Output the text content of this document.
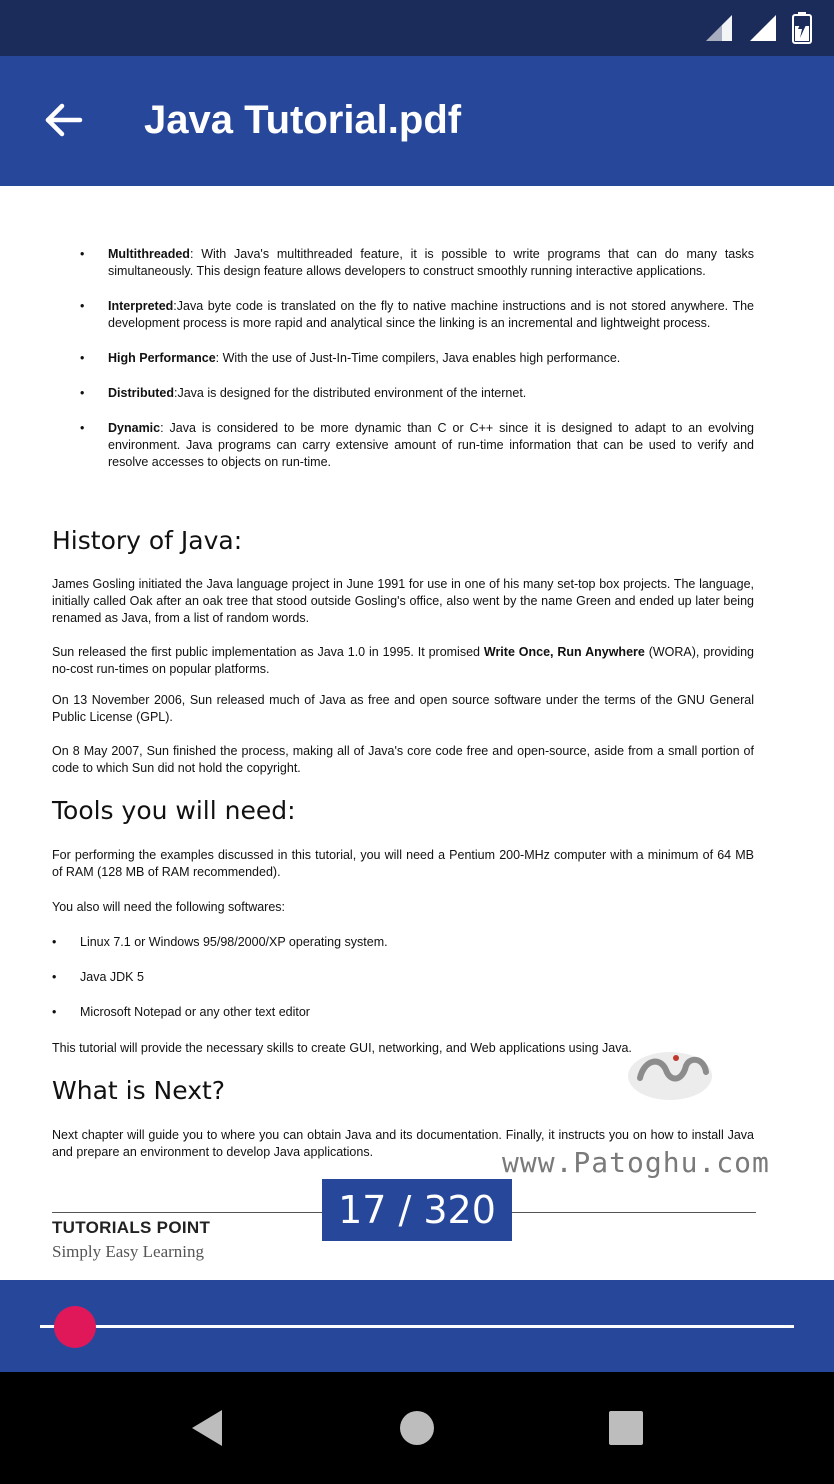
Java Tutorial.pdf
• Multithreaded: With Java's multithreaded feature, it is possible to write programs that can do many tasks simultaneously. This design feature allows developers to construct smoothly running interactive applications.
• Interpreted:Java byte code is translated on the fly to native machine instructions and is not stored anywhere. The development process is more rapid and analytical since the linking is an incremental and lightweight process.
• High Performance: With the use of Just-In-Time compilers, Java enables high performance.
• Distributed:Java is designed for the distributed environment of the internet.
• Dynamic: Java is considered to be more dynamic than C or C++ since it is designed to adapt to an evolving environment. Java programs can carry extensive amount of run-time information that can be used to verify and resolve accesses to objects on run-time.
History of Java:

James Gosling initiated the Java language project in June 1991 for use in one of his many set-top box projects. The language, initially called Oak after an oak tree that stood outside Gosling's office, also went by the name Green and ended up later being renamed as Java, from a list of random words.

Sun released the first public implementation as Java 1.0 in 1995. It promised Write Once, Run Anywhere (WORA), providing no-cost run-times on popular platforms.

On 13 November 2006, Sun released much of Java as free and open source software under the terms of the GNU General Public License (GPL).

On 8 May 2007, Sun finished the process, making all of Java's core code free and open-source, aside from a small portion of code to which Sun did not hold the copyright.

Tools you will need:

For performing the examples discussed in this tutorial, you will need a Pentium 200-MHz computer with a minimum of 64 MB of RAM (128 MB of RAM recommended).

You also will need the following softwares:

• Linux 7.1 or Windows 95/98/2000/XP operating system.
• Java JDK 5
• Microsoft Notepad or any other text editor

This tutorial will provide the necessary skills to create GUI, networking, and Web applications using Java.

What is Next?

Next chapter will guide you to where you can obtain Java and its documentation. Finally, it instructs you on how to install Java and prepare an environment to develop Java applications.	www.Patoghu.com
TUTORIALS POINT
Simply Easy Learning
17 / 320
